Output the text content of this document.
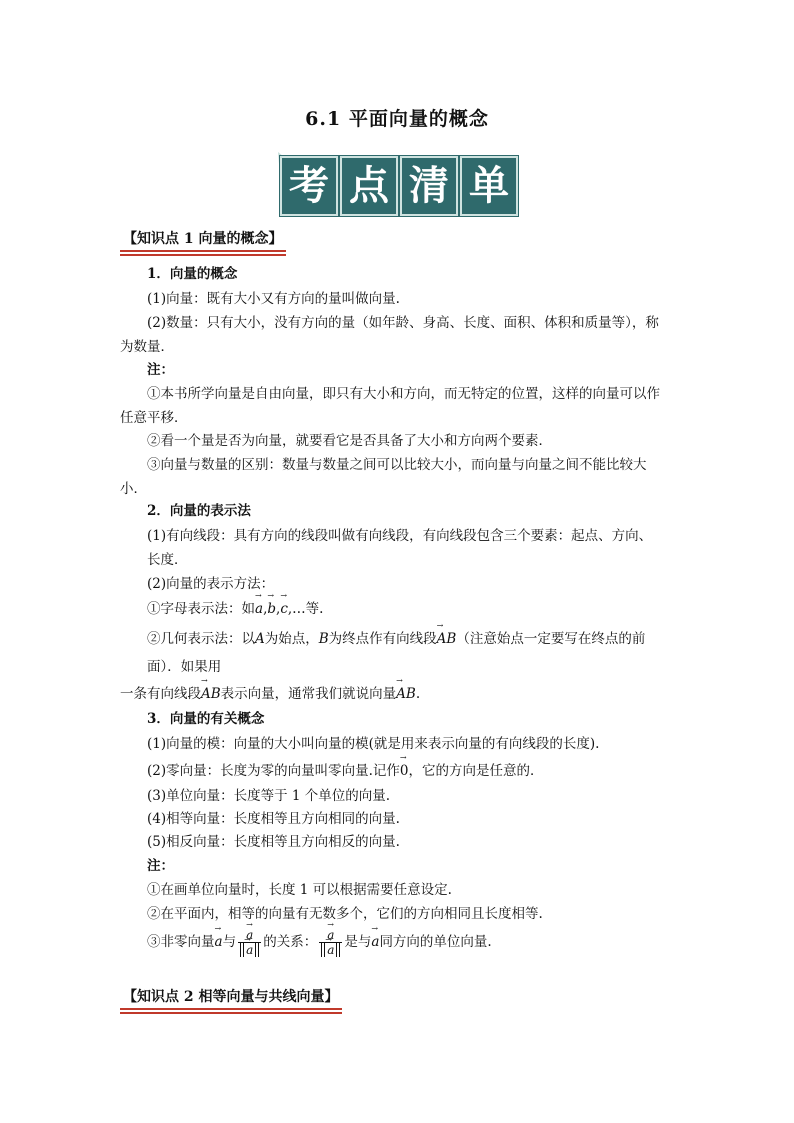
6.1 平面向量的概念
考 点 清 单
【知识点 1 向量的概念】
1．向量的概念
(1)向量：既有大小又有方向的量叫做向量.
(2)数量：只有大小，没有方向的量（如年龄、身高、长度、面积、体积和质量等），称
为数量．
注：
①本书所学向量是自由向量，即只有大小和方向，而无特定的位置，这样的向量可以作
任意平移．
②看一个量是否为向量，就要看它是否具备了大小和方向两个要素．
③向量与数量的区别：数量与数量之间可以比较大小，而向量与向量之间不能比较大
小．
2．向量的表示法
(1)有向线段：具有方向的线段叫做有向线段，有向线段包含三个要素：起点、方向、
长度．
(2)向量的表示方法：
①字母表示法：如→ a,→ b,→ c,…等.
②几何表示法：以A为始点，B为终点作有向线段→ AB（注意始点一定要写在终点的前
面）．如果用
一条有向线段→ AB表示向量，通常我们就说向量→ AB.
3．向量的有关概念
(1)向量的模：向量的大小叫向量的模(就是用来表示向量的有向线段的长度).
(2)零向量：长度为零的向量叫零向量.记作→ 0，它的方向是任意的．
(3)单位向量：长度等于 1 个单位的向量.
(4)相等向量：长度相等且方向相同的向量.
(5)相反向量：长度相等且方向相反的向量.
注：
①在画单位向量时，长度 1 可以根据需要任意设定.
②在平面内，相等的向量有无数多个，它们的方向相同且长度相等.
③非零向量→ a与 → a
→ a 的关系： → a
→ a 是与→ a同方向的单位向量.
【知识点 2 相等向量与共线向量】
